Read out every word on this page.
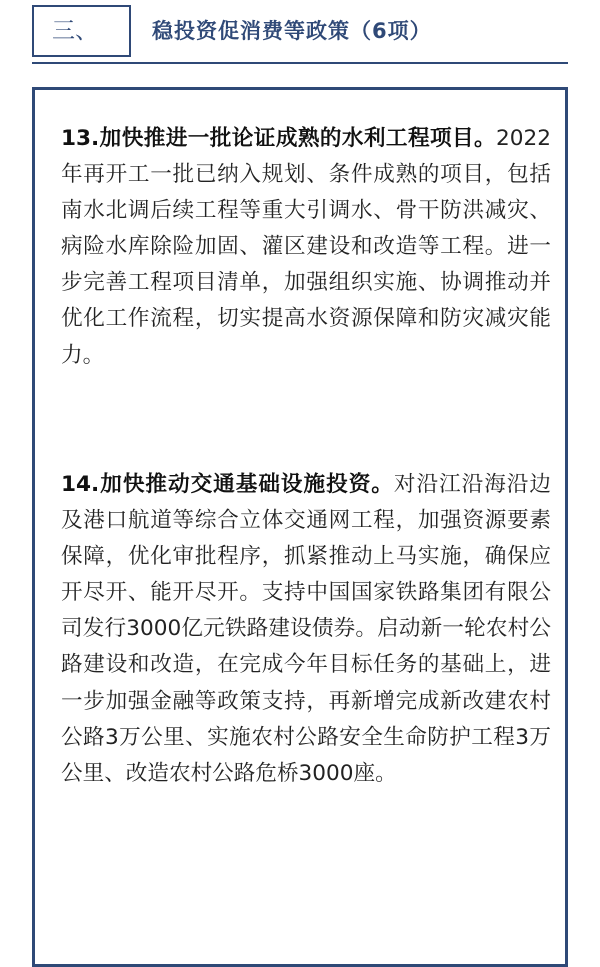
三、	稳投资促消费等政策（6项）

13.加快推进一批论证成熟的水利工程项目。2022年再开工一批已纳入规划、条件成熟的项目，包括南水北调后续工程等重大引调水、骨干防洪减灾、病险水库除险加固、灌区建设和改造等工程。进一步完善工程项目清单，加强组织实施、协调推动并优化工作流程，切实提高水资源保障和防灾减灾能力。

14.加快推动交通基础设施投资。对沿江沿海沿边及港口航道等综合立体交通网工程，加强资源要素保障，优化审批程序，抓紧推动上马实施，确保应开尽开、能开尽开。支持中国国家铁路集团有限公司发行3000亿元铁路建设债券。启动新一轮农村公路建设和改造，在完成今年目标任务的基础上，进一步加强金融等政策支持，再新增完成新改建农村公路3万公里、实施农村公路安全生命防护工程3万公里、改造农村公路危桥3000座。
